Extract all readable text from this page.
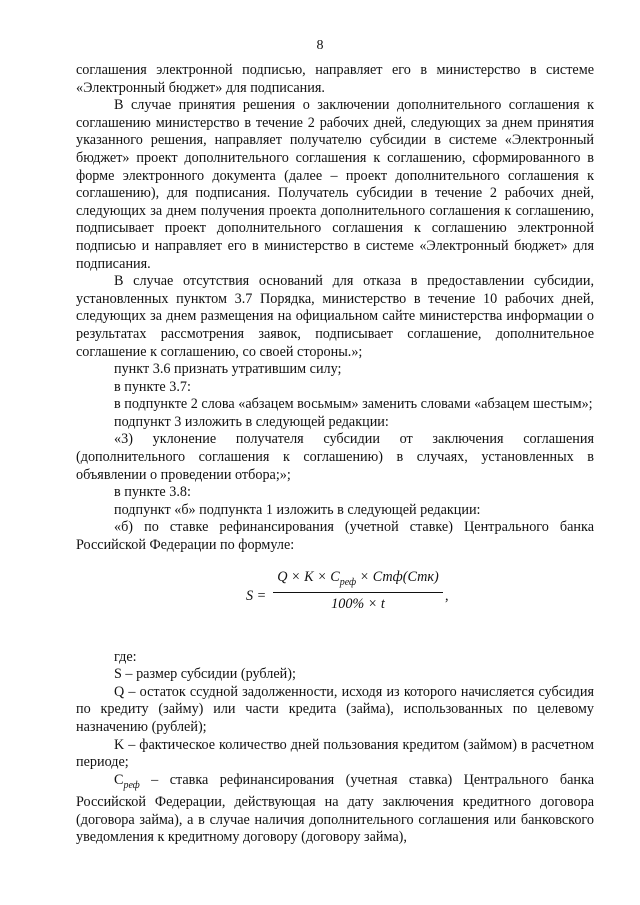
8

соглашения электронной подписью, направляет его в министерство в системе «Электронный бюджет» для подписания.

В случае принятия решения о заключении дополнительного соглашения к соглашению министерство в течение 2 рабочих дней, следующих за днем принятия указанного решения, направляет получателю субсидии в системе «Электронный бюджет» проект дополнительного соглашения к соглашению, сформированного в форме электронного документа (далее – проект дополнительного соглашения к соглашению), для подписания. Получатель субсидии в течение 2 рабочих дней, следующих за днем получения проекта дополнительного соглашения к соглашению, подписывает проект дополнительного соглашения к соглашению электронной подписью и направляет его в министерство в системе «Электронный бюджет» для подписания.

В случае отсутствия оснований для отказа в предоставлении субсидии, установленных пунктом 3.7 Порядка, министерство в течение 10 рабочих дней, следующих за днем размещения на официальном сайте министерства информации о результатах рассмотрения заявок, подписывает соглашение, дополнительное соглашение к соглашению, со своей стороны.»;

пункт 3.6 признать утратившим силу;

в пункте 3.7:

в подпункте 2 слова «абзацем восьмым» заменить словами «абзацем шестым»;

подпункт 3 изложить в следующей редакции:

«3) уклонение получателя субсидии от заключения соглашения (дополнительного соглашения к соглашению) в случаях, установленных в объявлении о проведении отбора;»;

в пункте 3.8:

подпункт «б» подпункта 1 изложить в следующей редакции:

«б) по ставке рефинансирования (учетной ставке) Центрального банка Российской Федерации по формуле:

S =
$Q \times K \times C_{реф} \times Стф(Стк)$
100% × t
,

где:

S – размер субсидии (рублей);

Q – остаток ссудной задолженности, исходя из которого начисляется субсидия по кредиту (займу) или части кредита (займа), использованных по целевому назначению (рублей);

K – фактическое количество дней пользования кредитом (займом) в расчетном периоде;

$C_{реф}$ – ставка рефинансирования (учетная ставка) Центрального банка Российской Федерации, действующая на дату заключения кредитного договора (договора займа), а в случае наличия дополнительного соглашения или банковского уведомления к кредитному договору (договору займа),
